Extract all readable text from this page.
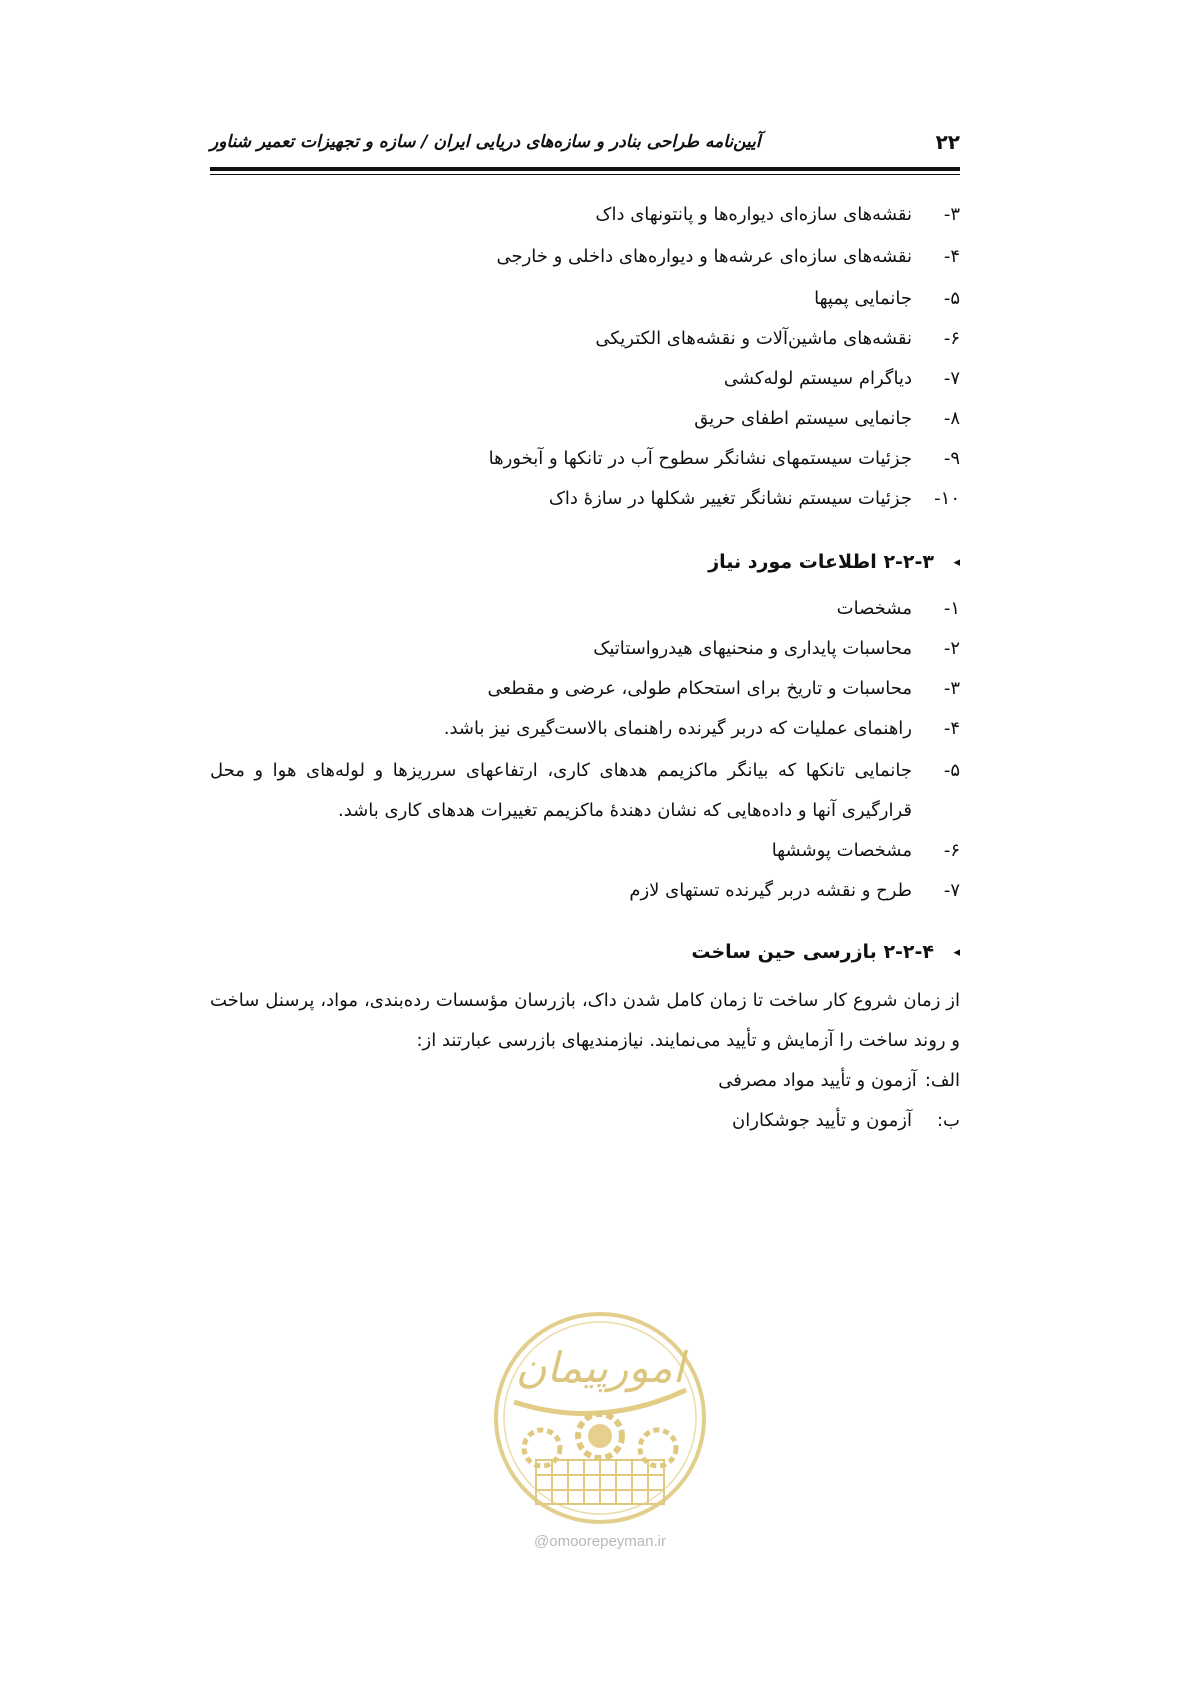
۲۲
آیین‌نامه طراحی بنادر و سازه‌های دریایی ایران / سازه و تجهیزات تعمیر شناور
۳-نقشه‌های سازه‌ای دیواره‌ها و پانتونهای داک
۴-نقشه‌های سازه‌ای عرشه‌ها و دیواره‌های داخلی و خارجی
۵-جانمایی پمپها
۶-نقشه‌های ماشین‌آلات و نقشه‌های الکتریکی
۷-دیاگرام سیستم لوله‌کشی
۸-جانمایی سیستم اطفای حریق
۹-جزئیات سیستمهای نشانگر سطوح آب در تانکها و آبخورها
۱۰-جزئیات سیستم نشانگر تغییر شکلها در سازهٔ داک
◂۲-۲-۳ اطلاعات مورد نیاز
۱-مشخصات
۲-محاسبات پایداری و منحنیهای هیدرواستاتیک
۳-محاسبات و تاریخ برای استحکام طولی، عرضی و مقطعی
۴-راهنمای عملیات که دربر گیرنده راهنمای بالاست‌گیری نیز باشد.
۵-
جانمایی تانکها که بیانگر ماکزیمم هدهای کاری، ارتفاعهای سرریزها و لوله‌های هوا و محل
قرارگیری آنها و داده‌هایی که نشان دهندهٔ ماکزیمم تغییرات هدهای کاری باشد.
۶-مشخصات پوششها
۷-طرح و نقشه دربر گیرنده تستهای لازم
◂۲-۲-۴ بازرسی حین ساخت
از زمان شروع کار ساخت تا زمان کامل شدن داک، بازرسان مؤسسات رده‌بندی، مواد، پرسنل ساخت
و روند ساخت را آزمایش و تأیید می‌نمایند. نیازمندیهای بازرسی عبارتند از:
الف:آزمون و تأیید مواد مصرفی
ب:آزمون و تأیید جوشکاران
امورپیمان
@omoorepeyman.ir
